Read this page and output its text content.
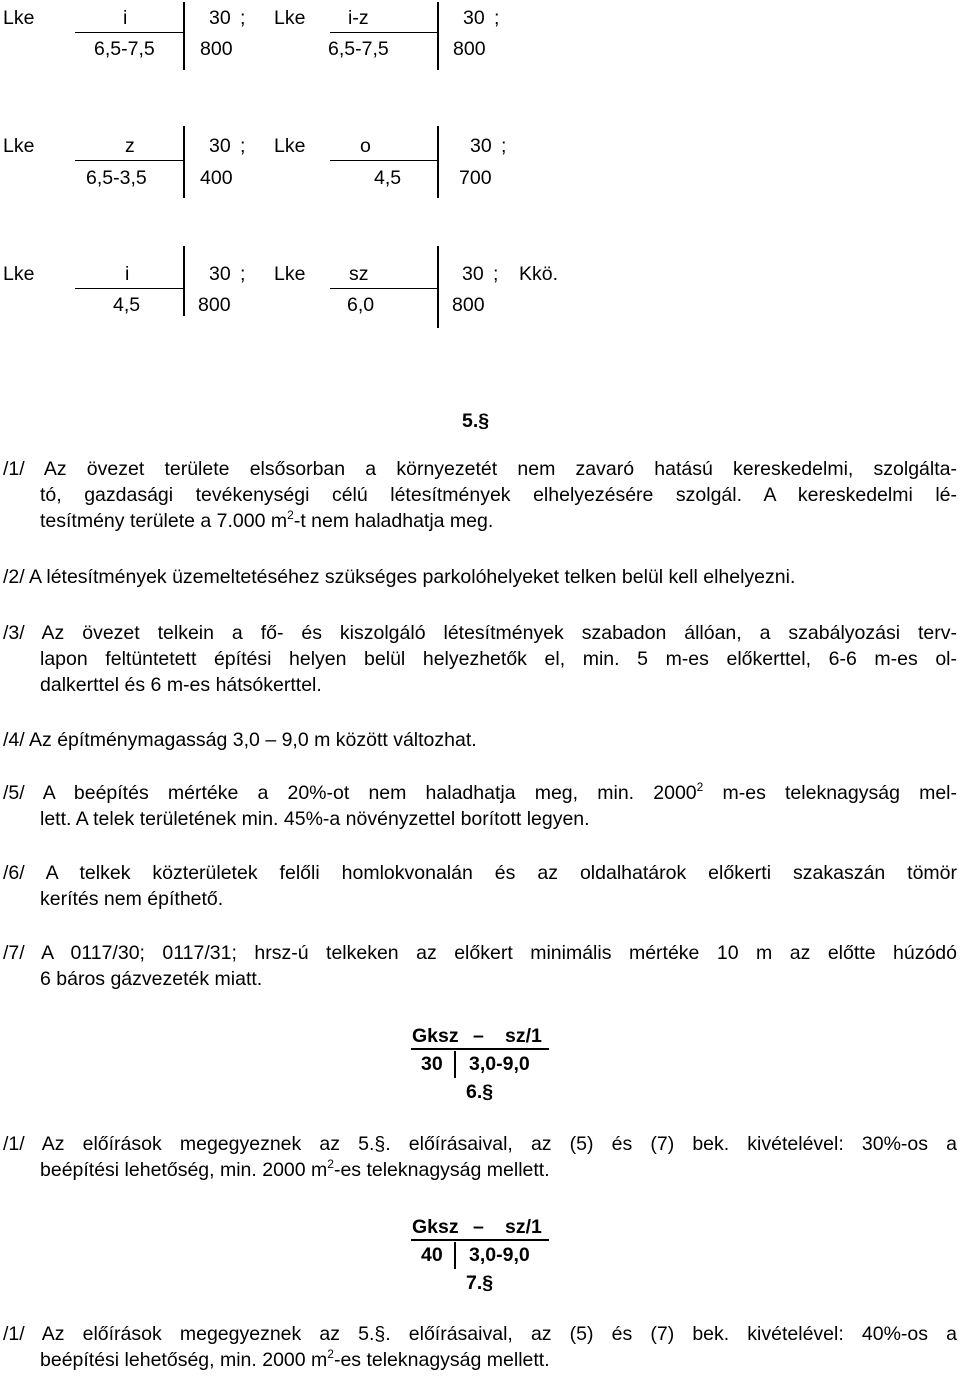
Lke	i	30 ;
6,5-7,5 800
Lke i-z	30 ;
6,5-7,5	800
Lke	z	30 ;
6,5-3,5	400
Lke	o	30 ;
4,5	700
Lke	i	30 ;
4,5	800
Lke sz	30 ; Kkö.
6,0	800
5.§
/1/ Az övezet területe elsősorban a környezetét nem zavaró hatású kereskedelmi, szolgálta-
tó, gazdasági tevékenységi célú létesítmények elhelyezésére szolgál. A kereskedelmi lé-
tesítmény területe a 7.000 $m^2-t$ nem haladhatja meg.
/2/ A létesítmények üzemeltetéséhez szükséges parkolóhelyeket telken belül kell elhelyezni.
/3/ Az övezet telkein a fő- és kiszolgáló létesítmények szabadon állóan, a szabályozási terv-
lapon feltüntetett építési helyen belül helyezhetők el, min. 5 m-es előkerttel, 6-6 m-es ol-
dalkerttel és 6 m-es hátsókerttel.
/4/ Az építménymagasság 3,0 – 9,0 m között változhat.
/5/ A beépítés mértéke a 20%-ot nem haladhatja meg, min. 2000$^2$ m-es teleknagyság mel-
lett. A telek területének min. 45%-a növényzettel borított legyen.
/6/ A telkek közterületek felőli homlokvonalán és az oldalhatárok előkerti szakaszán tömör
kerítés nem építhető.
/7/ A 0117/30; 0117/31; hrsz-ú telkeken az előkert minimális mértéke 10 m az előtte húzódó
6 báros gázvezeték miatt.
Gksz – sz/1
30 3,0-9,0
6.§
/1/ Az előírások megegyeznek az 5.§. előírásaival, az (5) és (7) bek. kivételével: 30%-os a
beépítési lehetőség, min. 2000 $m^2-es$ teleknagyság mellett.
Gksz – sz/1
40 3,0-9,0
7.§
/1/ Az előírások megegyeznek az 5.§. előírásaival, az (5) és (7) bek. kivételével: 40%-os a
beépítési lehetőség, min. 2000 $m^2-es$ teleknagyság mellett.
